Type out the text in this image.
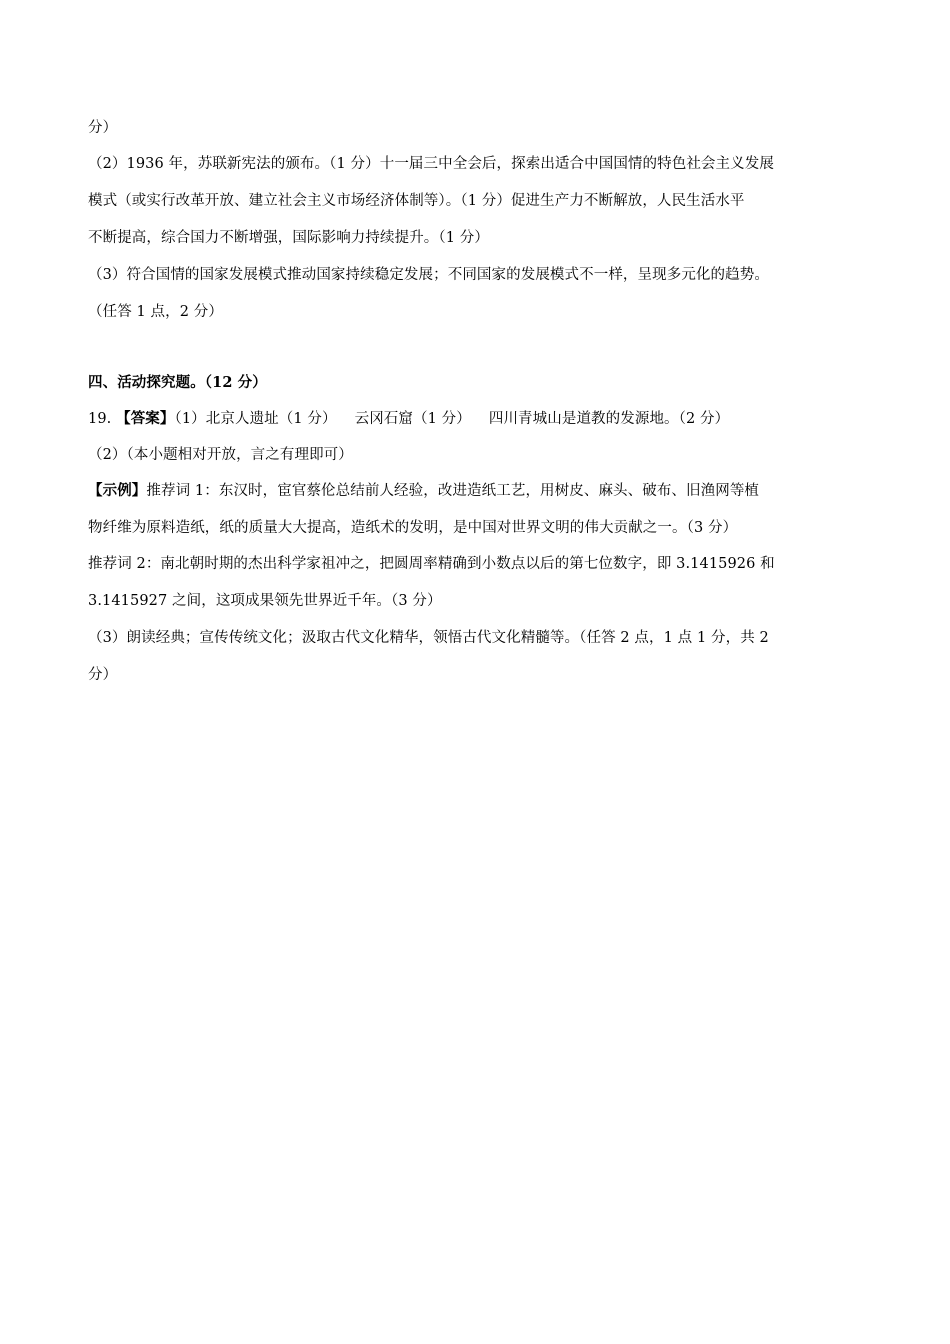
分）
（2）1936 年，苏联新宪法的颁布。（1 分）十一届三中全会后，探索出适合中国国情的特色社会主义发展
模式（或实行改革开放、建立社会主义市场经济体制等）。（1 分）促进生产力不断解放，人民生活水平
不断提高，综合国力不断增强，国际影响力持续提升。（1 分）
（3）符合国情的国家发展模式推动国家持续稳定发展；不同国家的发展模式不一样，呈现多元化的趋势。
（任答 1 点，2 分）
四、活动探究题。（12 分）
19. 【答案】（1）北京人遗址（1 分） 云冈石窟（1 分） 四川青城山是道教的发源地。（2 分）
（2）（本小题相对开放，言之有理即可）
【示例】推荐词 1：东汉时，宦官蔡伦总结前人经验，改进造纸工艺，用树皮、麻头、破布、旧渔网等植
物纤维为原料造纸，纸的质量大大提高，造纸术的发明，是中国对世界文明的伟大贡献之一。（3 分）
推荐词 2：南北朝时期的杰出科学家祖冲之，把圆周率精确到小数点以后的第七位数字，即 3.1415926 和
3.1415927 之间，这项成果领先世界近千年。（3 分）
（3）朗读经典；宣传传统文化；汲取古代文化精华，领悟古代文化精髓等。（任答 2 点，1 点 1 分，共 2
分）
